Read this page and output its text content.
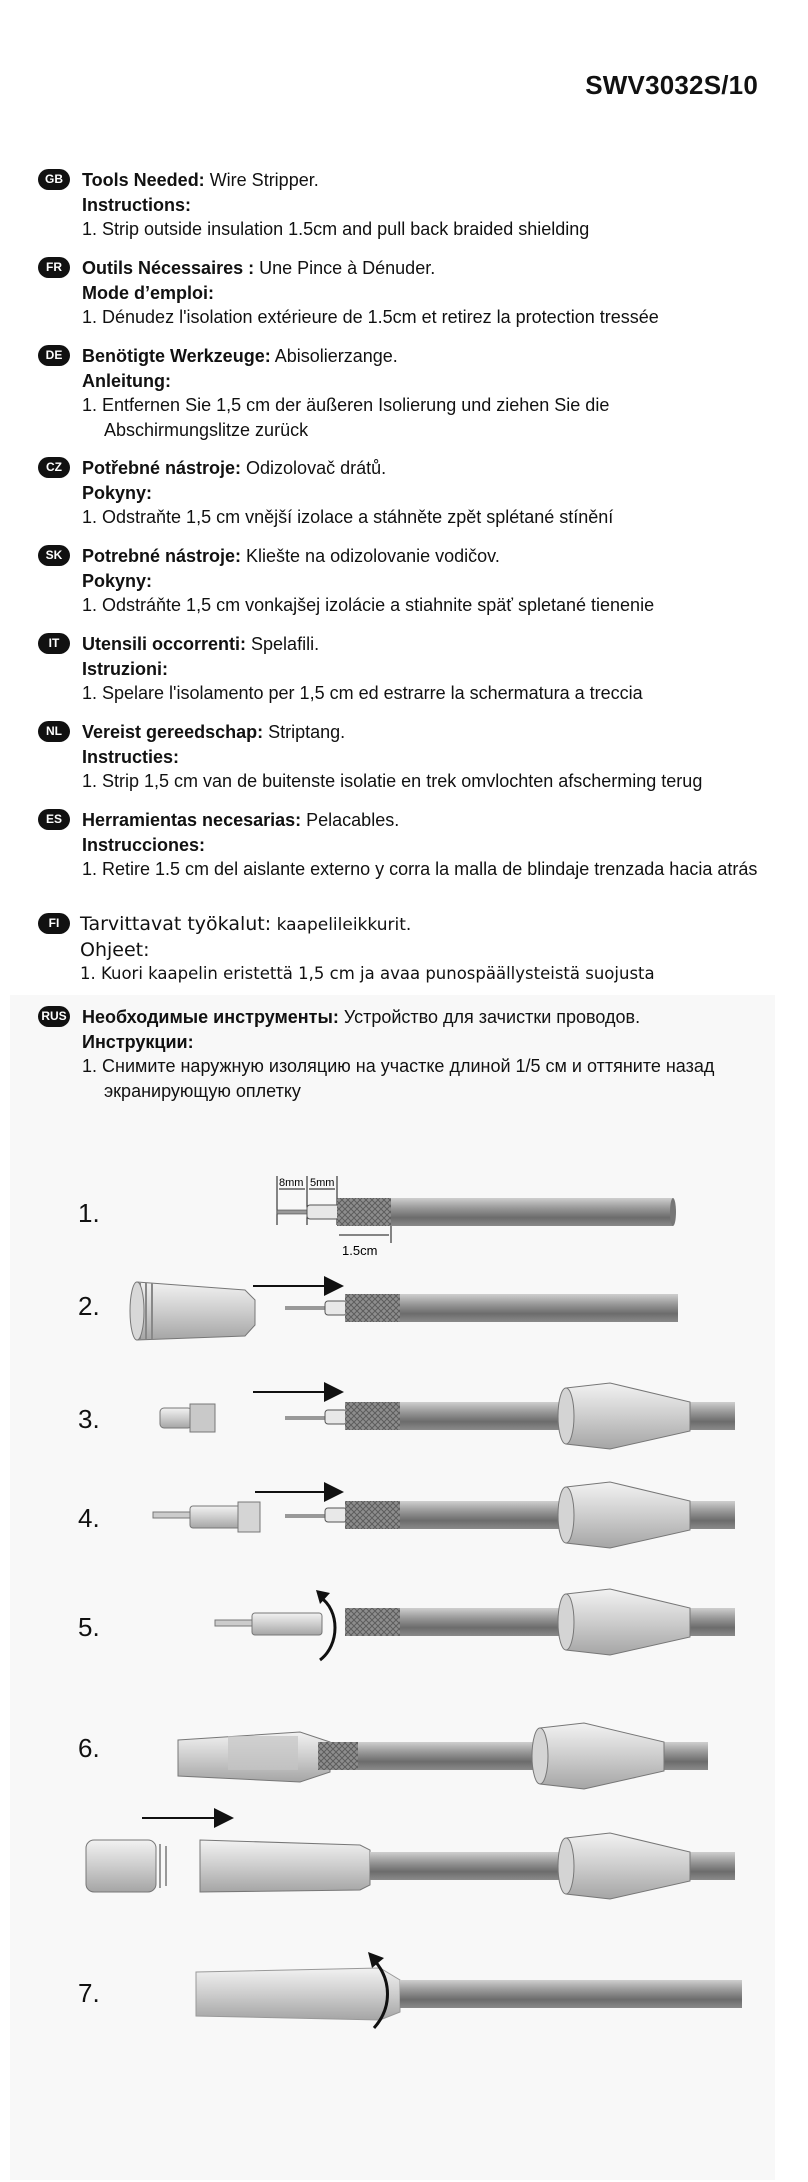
SWV3032S/10
GB	Tools Needed: Wire Stripper.
Instructions:
1. Strip outside insulation 1.5cm and pull back braided shielding
FR	Outils Nécessaires : Une Pince à Dénuder.
Mode d’emploi:
1. Dénudez l'isolation extérieure de 1.5cm et retirez la protection tressée
DE	Benötigte Werkzeuge: Abisolierzange.
Anleitung:
1. Entfernen Sie 1,5 cm der äußeren Isolierung und ziehen Sie die Abschirmungslitze zurück
CZ	Potřebné nástroje: Odizolovač drátů.
Pokyny:
1. Odstraňte 1,5 cm vnější izolace a stáhněte zpět splétané stínění
SK	Potrebné nástroje: Kliešte na odizolovanie vodičov.
Pokyny:
1. Odstráňte 1,5 cm vonkajšej izolácie a stiahnite späť spletané tienenie
IT	Utensili occorrenti: Spelafili.
Istruzioni:
1. Spelare l'isolamento per 1,5 cm ed estrarre la schermatura a treccia
NL	Vereist gereedschap: Striptang.
Instructies:
1. Strip 1,5 cm van de buitenste isolatie en trek omvlochten afscherming terug
ES	Herramientas necesarias: Pelacables.
Instrucciones:
1. Retire 1.5 cm del aislante externo y corra la malla de blindaje trenzada hacia atrás
FI	Tarvittavat työkalut: kaapelileikkurit.
Ohjeet:
1. Kuori kaapelin eristettä 1,5 cm ja avaa punospäällysteistä suojusta
RUS Необходимые инструменты: Устройство для зачистки проводов.
Инструкции:
1. Снимите наружную изоляцию на участке длиной 1/5 см и оттяните назад экранирующую оплетку
1.
2.
3.
4.
5.
6.
7.
8mm 5mm
1.5cm
